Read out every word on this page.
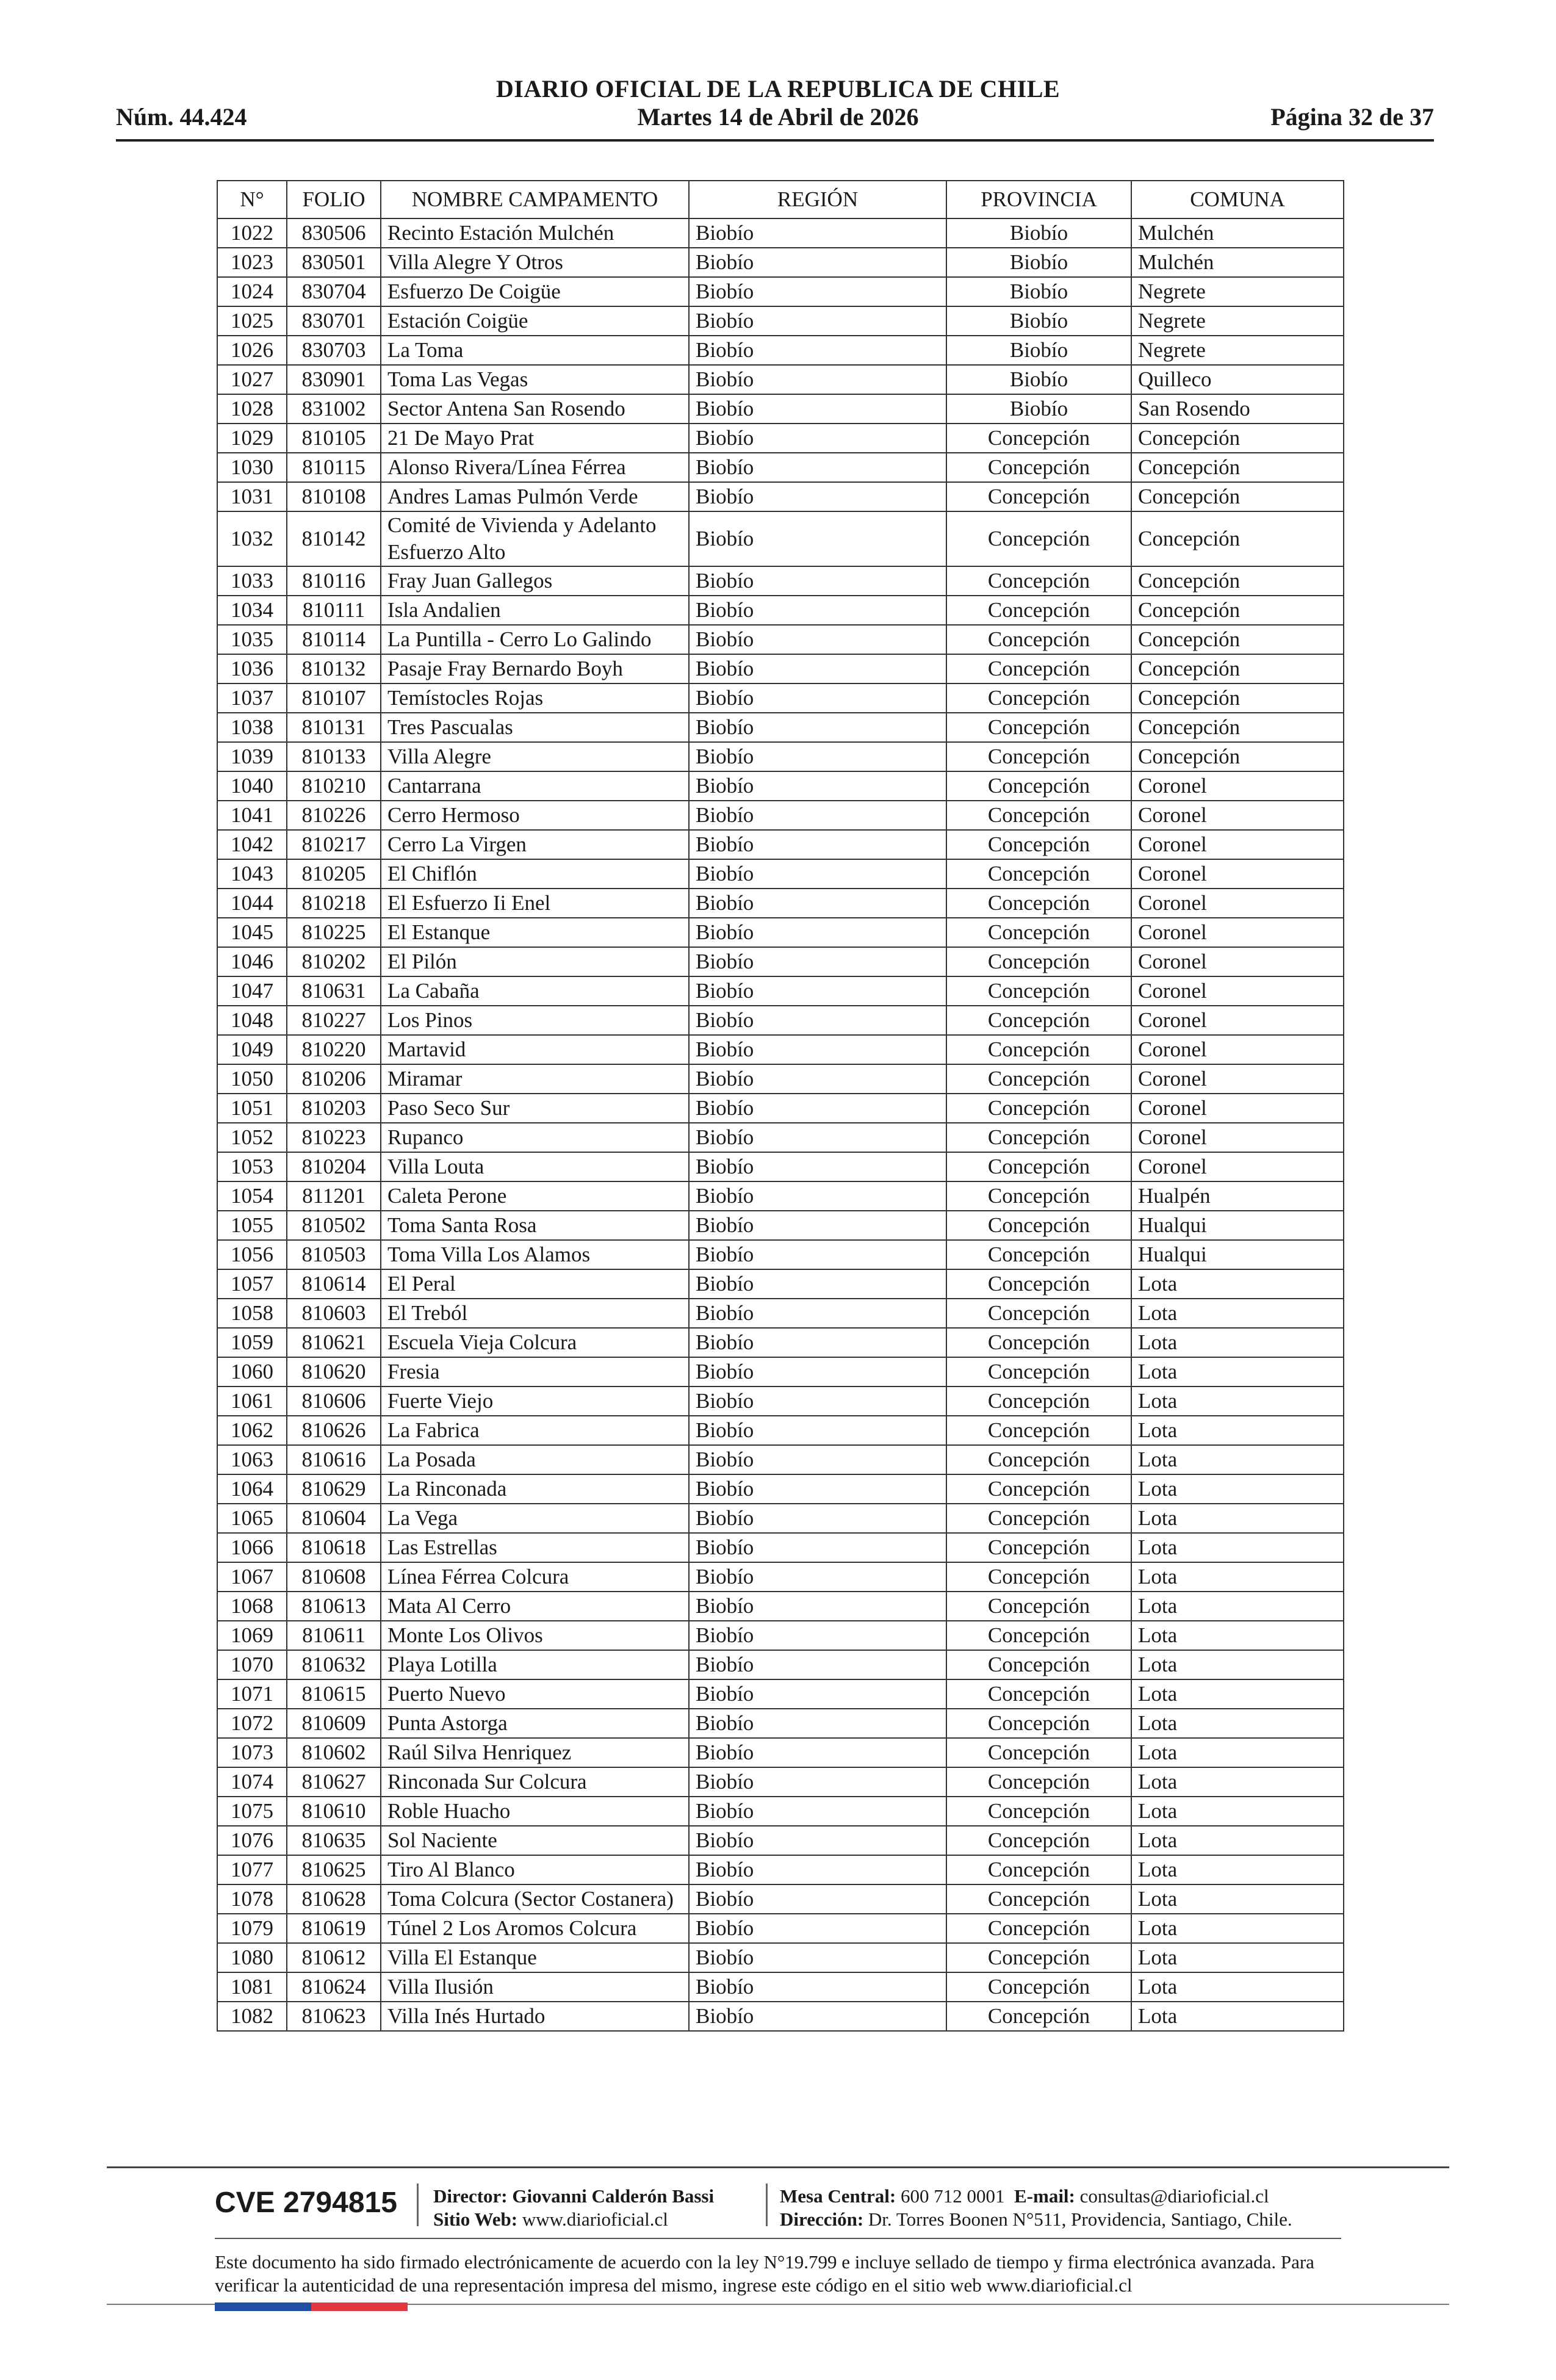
DIARIO OFICIAL DE LA REPUBLICA DE CHILE
Núm. 44.424	Martes 14 de Abril de 2026	Página 32 de 37
N°	FOLIO	NOMBRE CAMPAMENTO	REGIÓN	PROVINCIA	COMUNA
1022	830506	Recinto Estación Mulchén	Biobío	Biobío	Mulchén
1023	830501	Villa Alegre Y Otros	Biobío	Biobío	Mulchén
1024	830704	Esfuerzo De Coigüe	Biobío	Biobío	Negrete
1025	830701	Estación Coigüe	Biobío	Biobío	Negrete
1026	830703	La Toma	Biobío	Biobío	Negrete
1027	830901	Toma Las Vegas	Biobío	Biobío	Quilleco
1028	831002	Sector Antena San Rosendo	Biobío	Biobío	San Rosendo
1029	810105	21 De Mayo Prat	Biobío	Concepción	Concepción
1030	810115	Alonso Rivera/Línea Férrea	Biobío	Concepción	Concepción
1031	810108	Andres Lamas Pulmón Verde	Biobío	Concepción	Concepción
1032	810142	Comité de Vivienda y Adelanto Esfuerzo Alto	Biobío	Concepción	Concepción
1033	810116	Fray Juan Gallegos	Biobío	Concepción	Concepción
1034	810111	Isla Andalien	Biobío	Concepción	Concepción
1035	810114	La Puntilla - Cerro Lo Galindo	Biobío	Concepción	Concepción
1036	810132	Pasaje Fray Bernardo Boyh	Biobío	Concepción	Concepción
1037	810107	Temístocles Rojas	Biobío	Concepción	Concepción
1038	810131	Tres Pascualas	Biobío	Concepción	Concepción
1039	810133	Villa Alegre	Biobío	Concepción	Concepción
1040	810210	Cantarrana	Biobío	Concepción	Coronel
1041	810226	Cerro Hermoso	Biobío	Concepción	Coronel
1042	810217	Cerro La Virgen	Biobío	Concepción	Coronel
1043	810205	El Chiflón	Biobío	Concepción	Coronel
1044	810218	El Esfuerzo Ii Enel	Biobío	Concepción	Coronel
1045	810225	El Estanque	Biobío	Concepción	Coronel
1046	810202	El Pilón	Biobío	Concepción	Coronel
1047	810631	La Cabaña	Biobío	Concepción	Coronel
1048	810227	Los Pinos	Biobío	Concepción	Coronel
1049	810220	Martavid	Biobío	Concepción	Coronel
1050	810206	Miramar	Biobío	Concepción	Coronel
1051	810203	Paso Seco Sur	Biobío	Concepción	Coronel
1052	810223	Rupanco	Biobío	Concepción	Coronel
1053	810204	Villa Louta	Biobío	Concepción	Coronel
1054	811201	Caleta Perone	Biobío	Concepción	Hualpén
1055	810502	Toma Santa Rosa	Biobío	Concepción	Hualqui
1056	810503	Toma Villa Los Alamos	Biobío	Concepción	Hualqui
1057	810614	El Peral	Biobío	Concepción	Lota
1058	810603	El Treból	Biobío	Concepción	Lota
1059	810621	Escuela Vieja Colcura	Biobío	Concepción	Lota
1060	810620	Fresia	Biobío	Concepción	Lota
1061	810606	Fuerte Viejo	Biobío	Concepción	Lota
1062	810626	La Fabrica	Biobío	Concepción	Lota
1063	810616	La Posada	Biobío	Concepción	Lota
1064	810629	La Rinconada	Biobío	Concepción	Lota
1065	810604	La Vega	Biobío	Concepción	Lota
1066	810618	Las Estrellas	Biobío	Concepción	Lota
1067	810608	Línea Férrea Colcura	Biobío	Concepción	Lota
1068	810613	Mata Al Cerro	Biobío	Concepción	Lota
1069	810611	Monte Los Olivos	Biobío	Concepción	Lota
1070	810632	Playa Lotilla	Biobío	Concepción	Lota
1071	810615	Puerto Nuevo	Biobío	Concepción	Lota
1072	810609	Punta Astorga	Biobío	Concepción	Lota
1073	810602	Raúl Silva Henriquez	Biobío	Concepción	Lota
1074	810627	Rinconada Sur Colcura	Biobío	Concepción	Lota
1075	810610	Roble Huacho	Biobío	Concepción	Lota
1076	810635	Sol Naciente	Biobío	Concepción	Lota
1077	810625	Tiro Al Blanco	Biobío	Concepción	Lota
1078	810628	Toma Colcura (Sector Costanera)	Biobío	Concepción	Lota
1079	810619	Túnel 2 Los Aromos Colcura	Biobío	Concepción	Lota
1080	810612	Villa El Estanque	Biobío	Concepción	Lota
1081	810624	Villa Ilusión	Biobío	Concepción	Lota
1082	810623	Villa Inés Hurtado	Biobío	Concepción	Lota
CVE 2794815 Director: Giovanni Calderón Bassi
Sitio Web: www.diarioficial.cl
Mesa Central: 600 712 0001 E-mail: consultas@diarioficial.cl
Dirección: Dr. Torres Boonen N°511, Providencia, Santiago, Chile.
Este documento ha sido firmado electrónicamente de acuerdo con la ley N°19.799 e incluye sellado de tiempo y firma electrónica avanzada. Para verificar la autenticidad de una representación impresa del mismo, ingrese este código en el sitio web www.diarioficial.cl
